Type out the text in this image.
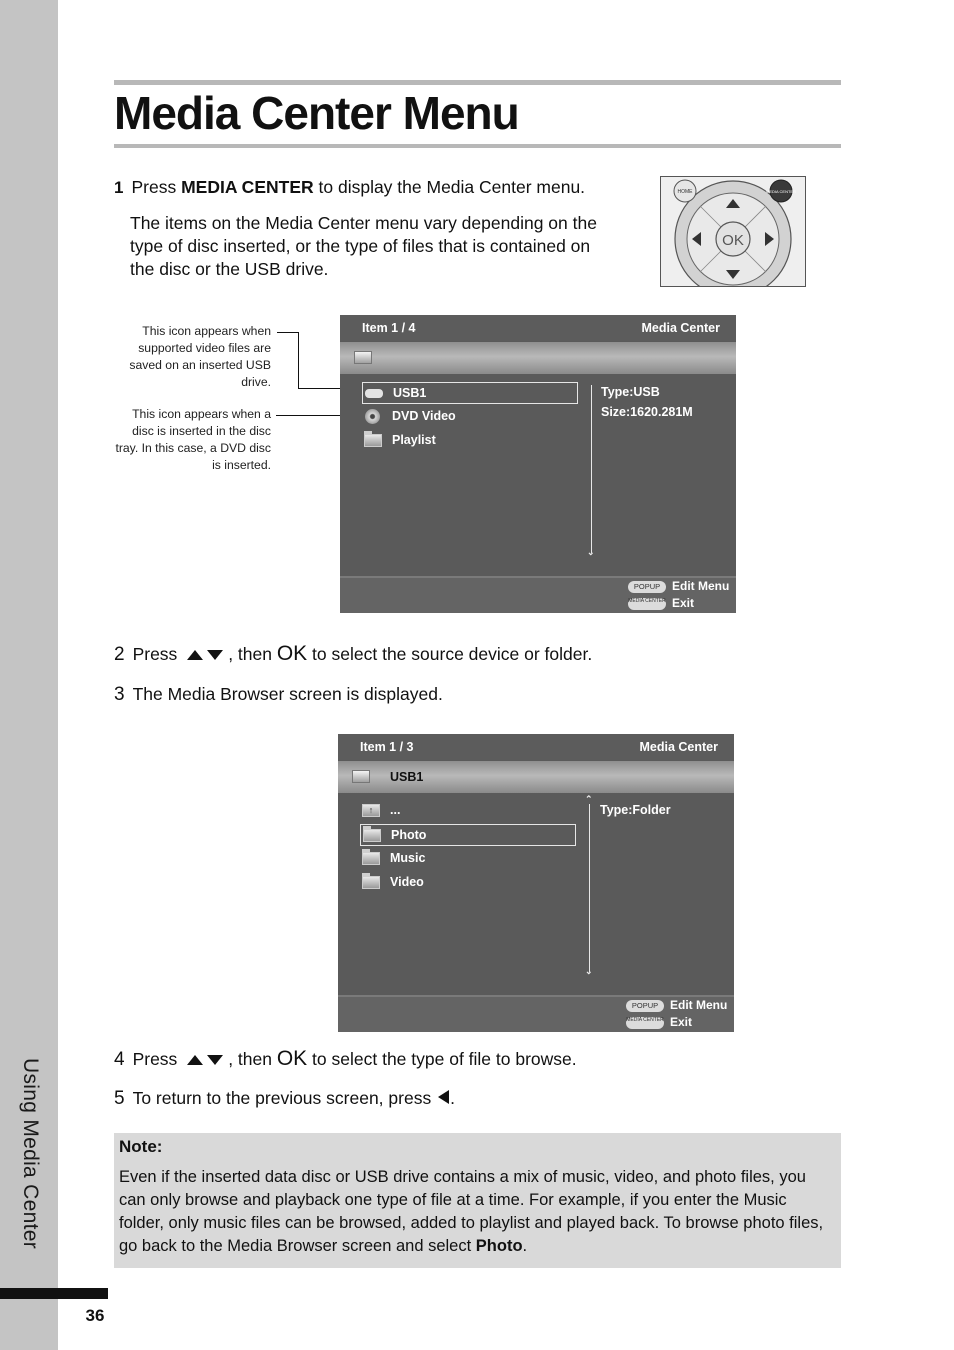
Using Media Center
36
Media Center Menu
1 Press MEDIA CENTER to display the Media Center menu.
The items on the Media Center menu vary depending on the type of disc inserted, or the type of files that is contained on the disc or the USB drive.
OK
HOME	MEDIA CENTER
This icon appears when supported video files are saved on an inserted USB drive.
This icon appears when a disc is inserted in the disc tray. In this case, a DVD disc is inserted.
Item 1 / 4	Media Center
USB1
DVD Video
Playlist
⌄
Type:USB
Size:1620.281M
POPUP Edit Menu
MEDIA CENTER Exit
2 Press	, then OK to select the source device or folder.
3 The Media Browser screen is displayed.
Item 1 / 3	Media Center
USB1
↑	...
Photo
Music
Video
⌃
⌄
Type:Folder
POPUP Edit Menu
MEDIA CENTER Exit
4 Press	, then OK to select the type of file to browse.
5 To return to the previous screen, press .
Note:
Even if the inserted data disc or USB drive contains a mix of music, video, and photo files, you can only browse and playback one type of file at a time. For example, if you enter the Music folder, only music files can be browsed, added to playlist and played back. To browse photo files, go back to the Media Browser screen and select Photo.
